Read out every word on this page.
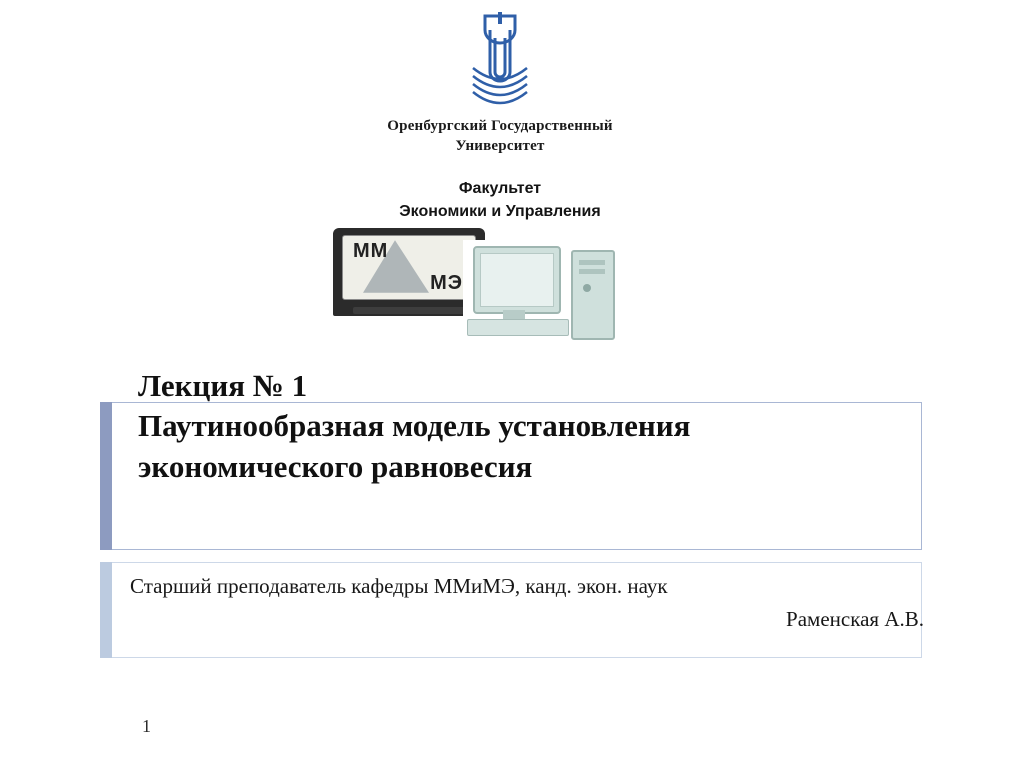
Оренбургский Государственный
Университет
Факультет
Экономики и Управления
ММ
МЭ
Лекция № 1
Паутинообразная модель установления
экономического равновесия
Старший преподаватель кафедры ММиМЭ, канд. экон. наук
Раменская А.В.
1
